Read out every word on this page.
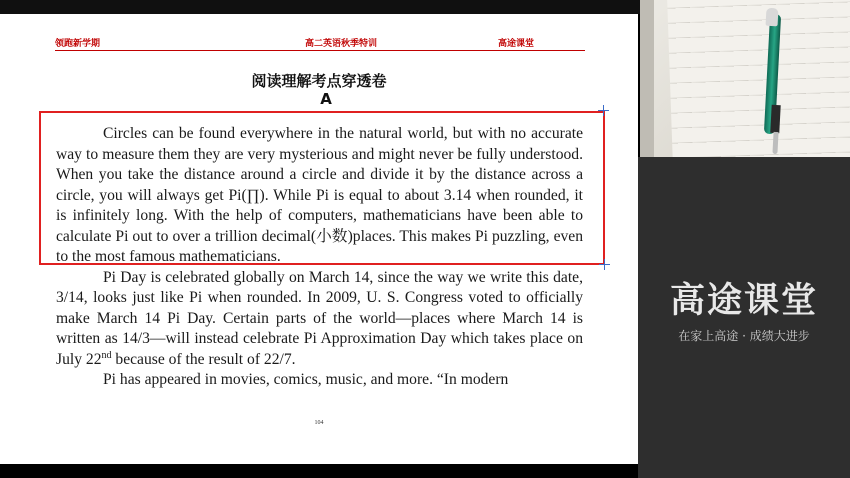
领跑新学期	高二英语秋季特训	高途课堂
阅读理解考点穿透卷
A

Circles can be found everywhere in the natural world, but with no accurate way to measure them they are very mysterious and might never be fully understood. When you take the distance around a circle and divide it by the distance across a circle, you will always get Pi(∏). While Pi is equal to about 3.14 when rounded, it is infinitely long. With the help of computers, mathematicians have been able to calculate Pi out to over a trillion decimal(小数)places. This makes Pi puzzling, even to the most famous mathematicians.

Pi Day is celebrated globally on March 14, since the way we write this date, 3/14, looks just like Pi when rounded. In 2009, U. S. Congress voted to officially make March 14 Pi Day. Certain parts of the world—places where March 14 is written as 14/3—will instead celebrate Pi Approximation Day which takes place on July 22nd because of the result of 22/7.

Pi has appeared in movies, comics, music, and more. “In modern

104
高途课堂
在家上高途 · 成绩大进步
